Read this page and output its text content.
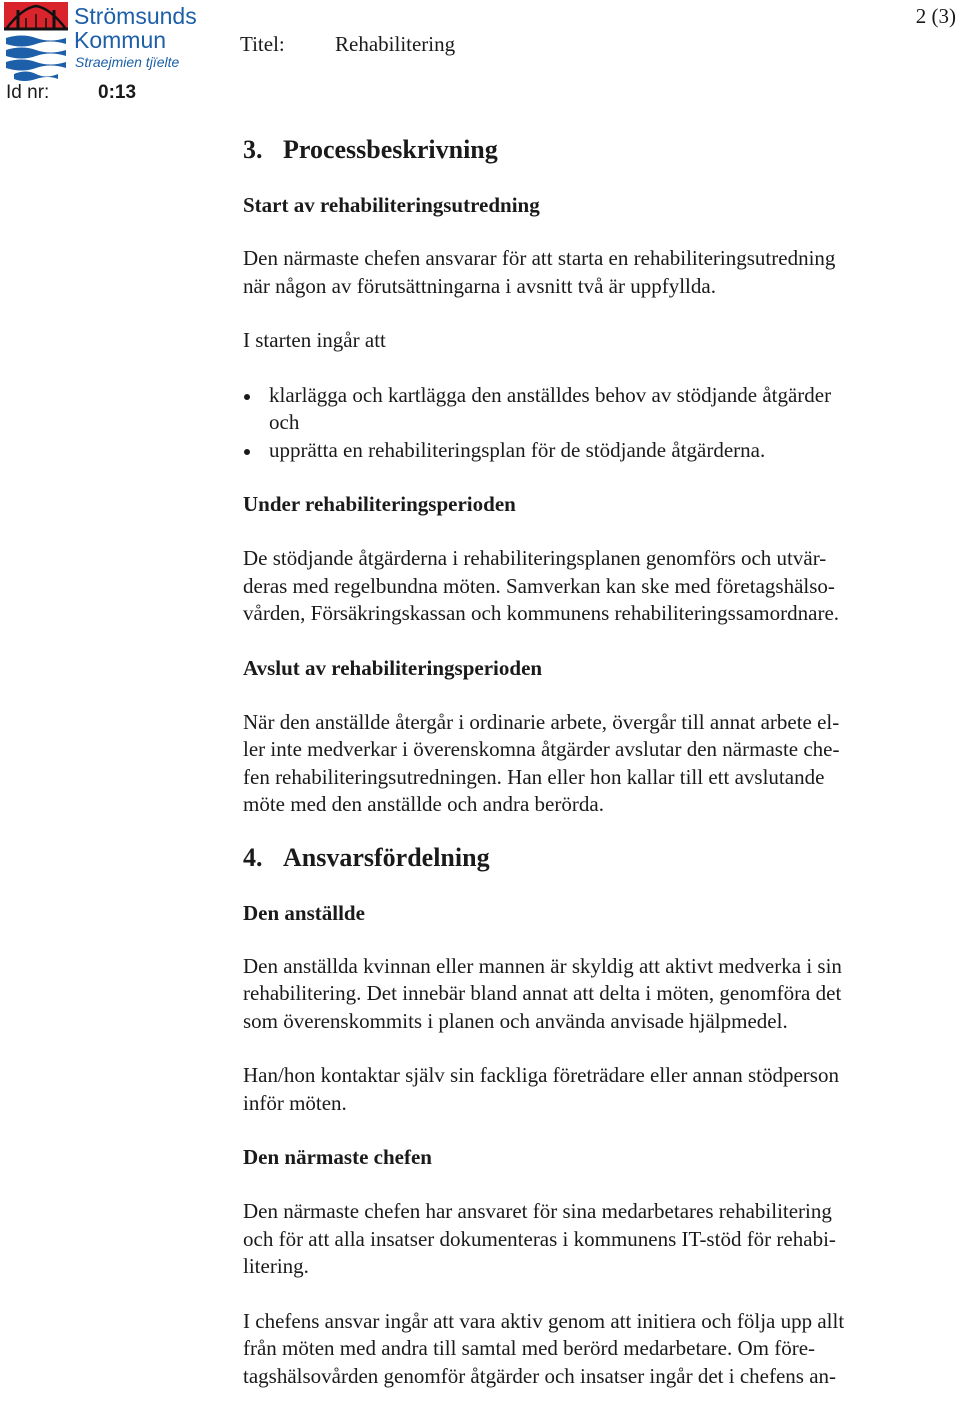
Strömsunds
Kommun
Straejmien tjïelte
2 (3)
Titel: Rehabilitering
Id nr:	0:13
3. Processbeskrivning
Start av rehabiliteringsutredning

Den närmaste chefen ansvarar för att starta en rehabiliteringsutredning
när någon av förutsättningarna i avsnitt två är uppfyllda.

I starten ingår att

klarlägga och kartlägga den anställdes behov av stödjande åtgärder
och
upprätta en rehabiliteringsplan för de stödjande åtgärderna.
Under rehabiliteringsperioden

De stödjande åtgärderna i rehabiliteringsplanen genomförs och utvär-
deras med regelbundna möten. Samverkan kan ske med företagshälso-
vården, Försäkringskassan och kommunens rehabiliteringssamordnare.

Avslut av rehabiliteringsperioden

När den anställde återgår i ordinarie arbete, övergår till annat arbete el-
ler inte medverkar i överenskomna åtgärder avslutar den närmaste che-
fen rehabiliteringsutredningen. Han eller hon kallar till ett avslutande
möte med den anställde och andra berörda.

4. Ansvarsfördelning
Den anställde

Den anställda kvinnan eller mannen är skyldig att aktivt medverka i sin
rehabilitering. Det innebär bland annat att delta i möten, genomföra det
som överenskommits i planen och använda anvisade hjälpmedel.

Han/hon kontaktar själv sin fackliga företrädare eller annan stödperson
inför möten.

Den närmaste chefen

Den närmaste chefen har ansvaret för sina medarbetares rehabilitering
och för att alla insatser dokumenteras i kommunens IT-stöd för rehabi-
litering.

I chefens ansvar ingår att vara aktiv genom att initiera och följa upp allt
från möten med andra till samtal med berörd medarbetare. Om före-
tagshälsovården genomför åtgärder och insatser ingår det i chefens an-
